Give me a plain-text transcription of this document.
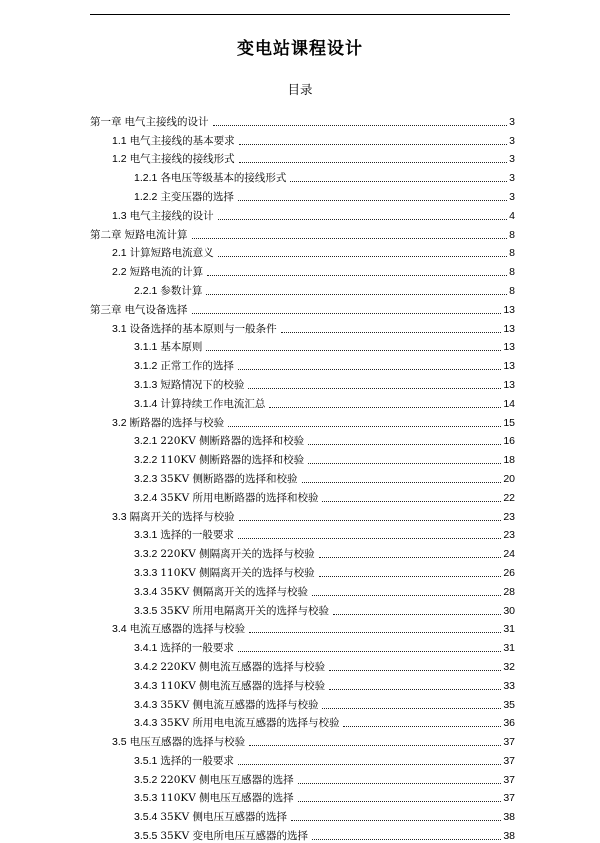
变电站课程设计
目录
第一章 电气主接线的设计	3
1.1 电气主接线的基本要求	3
1.2 电气主接线的接线形式	3
1.2.1 各电压等级基本的接线形式	3
1.2.2 主变压器的选择	3
1.3 电气主接线的设计	4
第二章 短路电流计算	8
2.1 计算短路电流意义	8
2.2 短路电流的计算	8
2.2.1 参数计算	8
第三章 电气设备选择	13
3.1 设备选择的基本原则与一般条件	13
3.1.1 基本原则	13
3.1.2 正常工作的选择	13
3.1.3 短路情况下的校验	13
3.1.4 计算持续工作电流汇总	14
3.2 断路器的选择与校验	15
3.2.1 220KV 侧断路器的选择和校验	16
3.2.2 110KV 侧断路器的选择和校验	18
3.2.3 35KV 侧断路器的选择和校验	20
3.2.4 35KV 所用电断路器的选择和校验	22
3.3 隔离开关的选择与校验	23
3.3.1 选择的一般要求	23
3.3.2 220KV 侧隔离开关的选择与校验	24
3.3.3 110KV 侧隔离开关的选择与校验	26
3.3.4 35KV 侧隔离开关的选择与校验	28
3.3.5 35KV 所用电隔离开关的选择与校验	30
3.4 电流互感器的选择与校验	31
3.4.1 选择的一般要求	31
3.4.2 220KV 侧电流互感器的选择与校验	32
3.4.3 110KV 侧电流互感器的选择与校验	33
3.4.3 35KV 侧电流互感器的选择与校验	35
3.4.3 35KV 所用电电流互感器的选择与校验	36
3.5 电压互感器的选择与校验	37
3.5.1 选择的一般要求	37
3.5.2 220KV 侧电压互感器的选择	37
3.5.3 110KV 侧电压互感器的选择	37
3.5.4 35KV 侧电压互感器的选择	38
3.5.5 35KV 变电所电压互感器的选择	38
